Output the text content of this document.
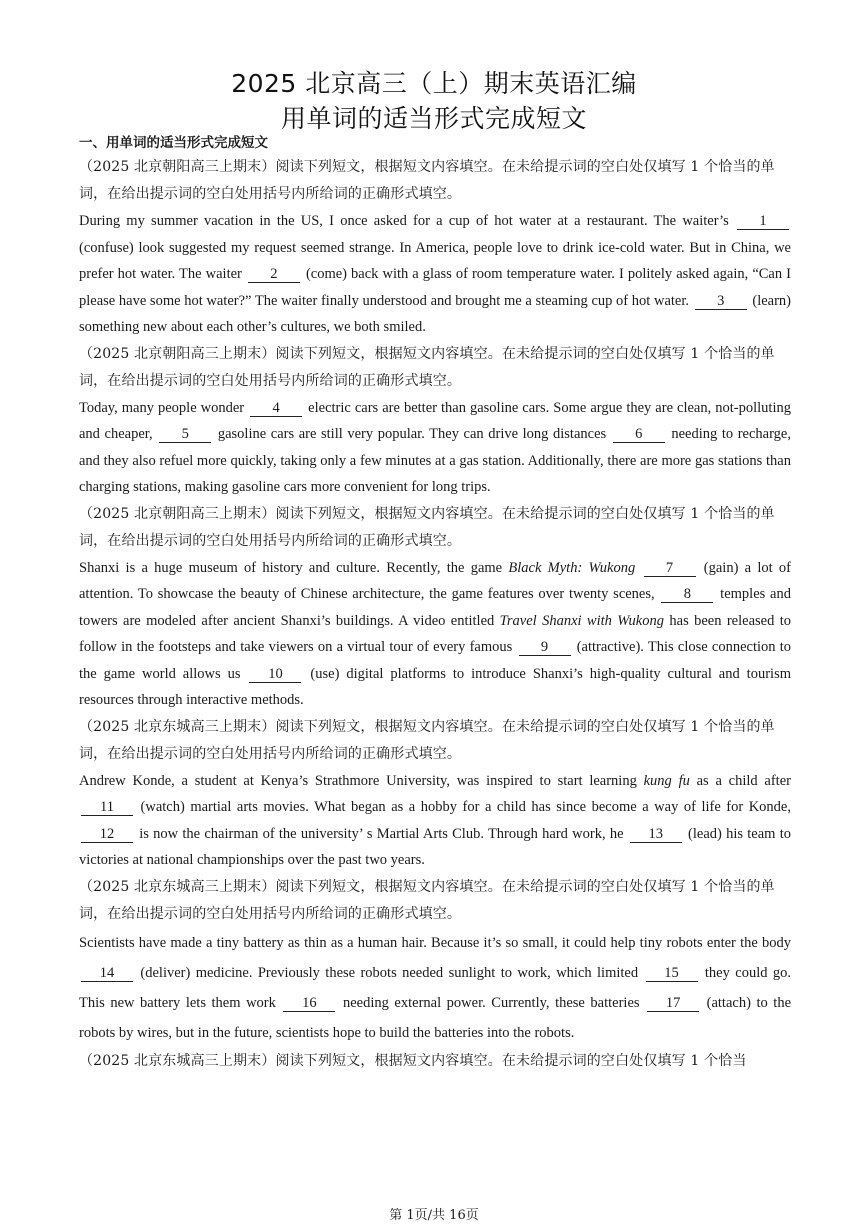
2025 北京高三（上）期末英语汇编
用单词的适当形式完成短文

一、用单词的适当形式完成短文

（2025 北京朝阳高三上期末）阅读下列短文，根据短文内容填空。在未给提示词的空白处仅填写 1 个恰当的单词，在给出提示词的空白处用括号内所给词的正确形式填空。

During my summer vacation in the US, I once asked for a cup of hot water at a restaurant. The waiter’s 1 (confuse) look suggested my request seemed strange. In America, people love to drink ice-cold water. But in China, we prefer hot water. The waiter 2 (come) back with a glass of room temperature water. I politely asked again, “Can I please have some hot water?” The waiter finally understood and brought me a steaming cup of hot water. 3 (learn) something new about each other’s cultures, we both smiled.

（2025 北京朝阳高三上期末）阅读下列短文，根据短文内容填空。在未给提示词的空白处仅填写 1 个恰当的单词，在给出提示词的空白处用括号内所给词的正确形式填空。

Today, many people wonder 4 electric cars are better than gasoline cars. Some argue they are clean, not-polluting and cheaper, 5 gasoline cars are still very popular. They can drive long distances 6 needing to recharge, and they also refuel more quickly, taking only a few minutes at a gas station. Additionally, there are more gas stations than charging stations, making gasoline cars more convenient for long trips.

（2025 北京朝阳高三上期末）阅读下列短文，根据短文内容填空。在未给提示词的空白处仅填写 1 个恰当的单词，在给出提示词的空白处用括号内所给词的正确形式填空。

Shanxi is a huge museum of history and culture. Recently, the game Black Myth: Wukong 7 (gain) a lot of attention. To showcase the beauty of Chinese architecture, the game features over twenty scenes, 8 temples and towers are modeled after ancient Shanxi’s buildings. A video entitled Travel Shanxi with Wukong has been released to follow in the footsteps and take viewers on a virtual tour of every famous 9 (attractive). This close connection to the game world allows us 10 (use) digital platforms to introduce Shanxi’s high-quality cultural and tourism resources through interactive methods.

（2025 北京东城高三上期末）阅读下列短文，根据短文内容填空。在未给提示词的空白处仅填写 1 个恰当的单词，在给出提示词的空白处用括号内所给词的正确形式填空。

Andrew Konde, a student at Kenya’s Strathmore University, was inspired to start learning kung fu as a child after 11 (watch) martial arts movies. What began as a hobby for a child has since become a way of life for Konde, 12 is now the chairman of the university’ s Martial Arts Club. Through hard work, he 13 (lead) his team to victories at national championships over the past two years.

（2025 北京东城高三上期末）阅读下列短文，根据短文内容填空。在未给提示词的空白处仅填写 1 个恰当的单词，在给出提示词的空白处用括号内所给词的正确形式填空。

Scientists have made a tiny battery as thin as a human hair. Because it’s so small, it could help tiny robots enter the body 14 (deliver) medicine. Previously these robots needed sunlight to work, which limited 15 they could go. This new battery lets them work 16 needing external power. Currently, these batteries 17 (attach) to the robots by wires, but in the future, scientists hope to build the batteries into the robots.

（2025 北京东城高三上期末）阅读下列短文，根据短文内容填空。在未给提示词的空白处仅填写 1 个恰当

第 1页/共 16页
